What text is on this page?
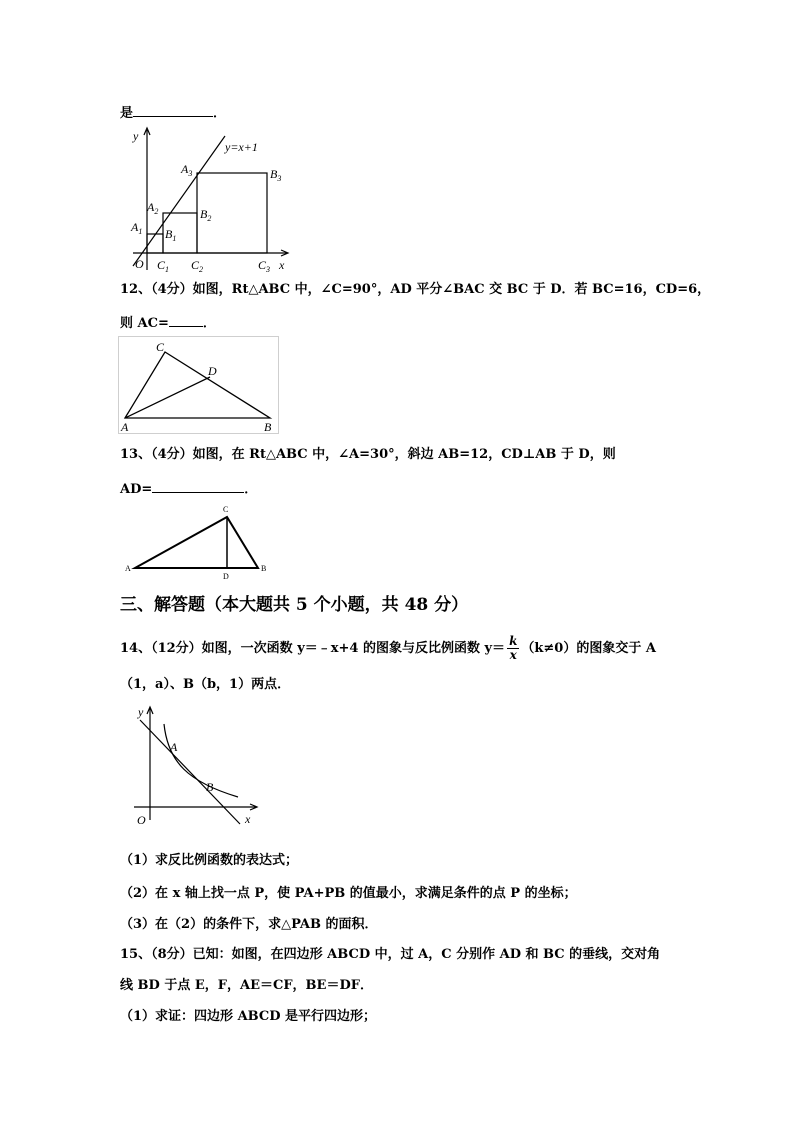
是	．
y
x
y=x+1
O
$A_1$
$A_2$
$A_3$
$B_1$
$B_2$
$B_3$
$C_1$ $C_2$	$C_3$
12、（4分）如图，Rt△ABC 中，∠C=90°，AD 平分∠BAC 交 BC 于 D．若 BC=16，CD=6，
则 AC=	．
A	B
C
D
13、（4分）如图，在 Rt△ABC 中，∠A=30°，斜边 AB=12，CD⊥AB 于 D，则
AD=	．
A	B
C
D
三、解答题（本大题共 5 个小题，共 48 分）
14、（12分）如图，一次函数 y＝﹣x+4 的图象与反比例函数 $y= \frac{k}{x} (k\ne 0)$的图象交于 A
（1，a）、B（b，1）两点．
y
x
O
A
B
（1）求反比例函数的表达式；
（2）在 x 轴上找一点 P，使 PA+PB 的值最小，求满足条件的点 P 的坐标；
（3）在（2）的条件下，求△PAB 的面积．
15、（8分）已知：如图，在四边形 ABCD 中，过 A，C 分别作 AD 和 BC 的垂线，交对角
线 BD 于点 E，F，AE＝CF，BE＝DF．
（1）求证：四边形 ABCD 是平行四边形；
